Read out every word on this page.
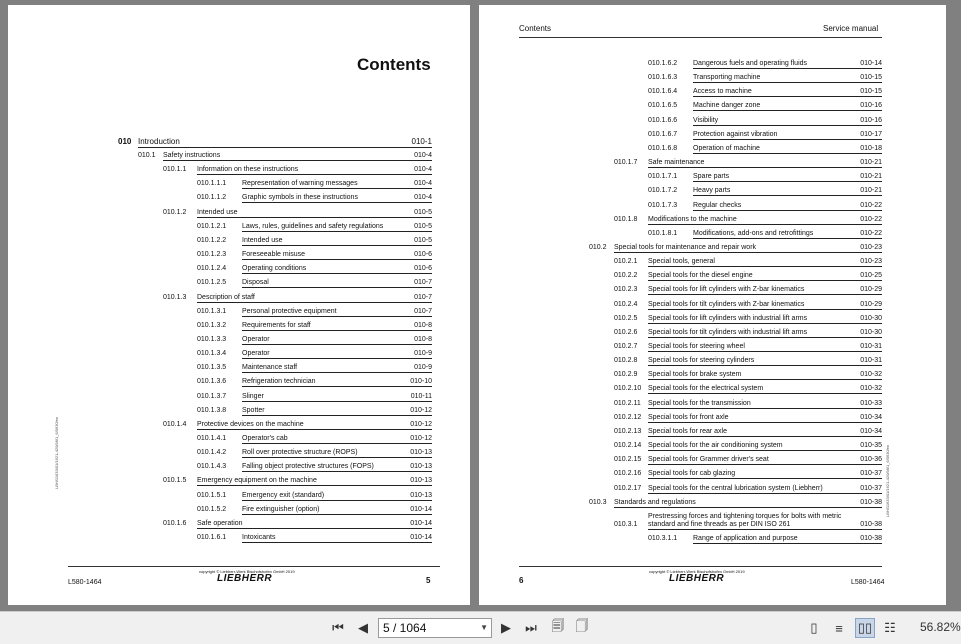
Contents
010 Introduction	010-1
010.1 Safety instructions	010-4
010.1.1 Information on these instructions	010-4
010.1.1.1 Representation of warning messages	010-4
010.1.1.2 Graphic symbols in these instructions	010-4
010.1.2 Intended use	010-5
010.1.2.1 Laws, rules, guidelines and safety regulations	010-5
010.1.2.2 Intended use	010-5
010.1.2.3 Foreseeable misuse	010-6
010.1.2.4 Operating conditions	010-6
010.1.2.5 Disposal	010-7
010.1.3 Description of staff	010-7
010.1.3.1 Personal protective equipment	010-7
010.1.3.2 Requirements for staff	010-8
010.1.3.3 Operator	010-8
010.1.3.4 Operator	010-9
010.1.3.5 Maintenance staff	010-9
010.1.3.6 Refrigeration technician	010-10
010.1.3.7 Slinger	010-11
010.1.3.8 Spotter	010-12
010.1.4 Protective devices on the machine	010-12
010.1.4.1 Operator's cab	010-12
010.1.4.2 Roll over protective structure (ROPS)	010-13
010.1.4.3 Falling object protective structures (FOPS)	010-13
010.1.5 Emergency equipment on the machine	010-13
010.1.5.1 Emergency exit (standard)	010-13
010.1.5.2 Fire extinguisher (option)	010-14
010.1.6 Safe operation	010-14
010.1.6.1 Intoxicants	010-14
LBH/11633/01/1621-420/98/1_6/0630/en
copyright © Liebherr-Werk Bischofshofen GmbH 2019
LIEBHERR
L580-1464	5
Contents	Service manual
010.1.6.2 Dangerous fuels and operating fluids	010-14
010.1.6.3 Transporting machine	010-15
010.1.6.4 Access to machine	010-15
010.1.6.5 Machine danger zone	010-16
010.1.6.6 Visibility	010-16
010.1.6.7 Protection against vibration	010-17
010.1.6.8 Operation of machine	010-18
010.1.7 Safe maintenance	010-21
010.1.7.1 Spare parts	010-21
010.1.7.2 Heavy parts	010-21
010.1.7.3 Regular checks	010-22
010.1.8 Modifications to the machine	010-22
010.1.8.1 Modifications, add-ons and retrofittings	010-22
010.2 Special tools for maintenance and repair work	010-23
010.2.1 Special tools, general	010-23
010.2.2 Special tools for the diesel engine	010-25
010.2.3 Special tools for lift cylinders with Z-bar kinematics	010-29
010.2.4 Special tools for tilt cylinders with Z-bar kinematics	010-29
010.2.5 Special tools for lift cylinders with industrial lift arms	010-30
010.2.6 Special tools for tilt cylinders with industrial lift arms	010-30
010.2.7 Special tools for steering wheel	010-31
010.2.8 Special tools for steering cylinders	010-31
010.2.9 Special tools for brake system	010-32
010.2.10 Special tools for the electrical system	010-32
010.2.11 Special tools for the transmission	010-33
010.2.12 Special tools for front axle	010-34
010.2.13 Special tools for rear axle	010-34
010.2.14 Special tools for the air conditioning system	010-35
010.2.15 Special tools for Grammer driver's seat	010-36
010.2.16 Special tools for cab glazing	010-37
010.2.17 Special tools for the central lubrication system (Liebherr)	010-37
010.3 Standards and regulations	010-38
010.3.1
Prestressing forces and tightening torques for bolts with metric
standard and fine threads as per DIN ISO 261	010-38
010.3.1.1 Range of application and purpose	010-38
LBH/11633/01/1621-420/98/1_6/0630/en
copyright © Liebherr-Werk Bischofshofen GmbH 2019
LIEBHERR
6	L580-1464
⏮	◀	5 / 1064	▼	▶	⏭	🗐 🗍	▯	≡	▯▯ ☷	56.82%
